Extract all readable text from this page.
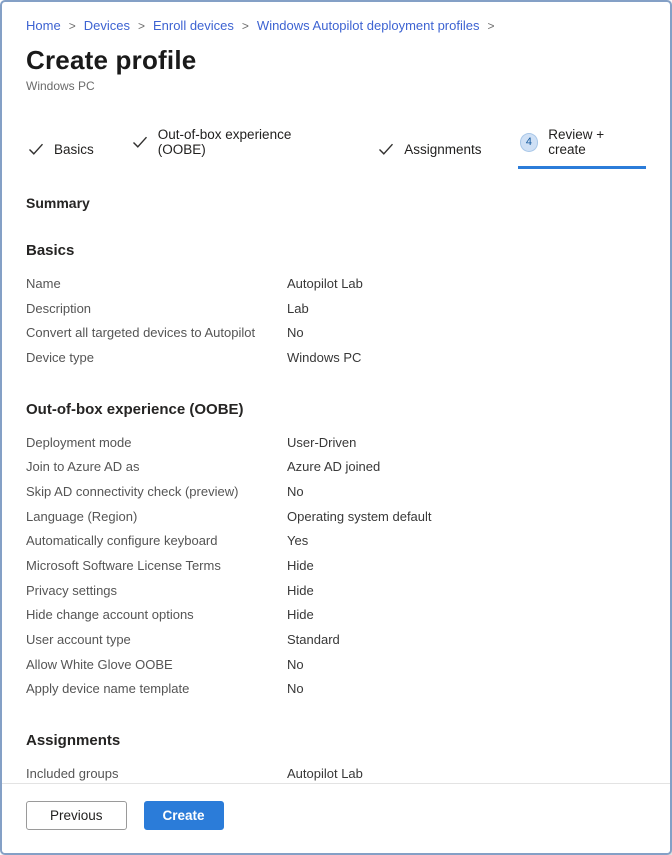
Home > Devices > Enroll devices > Windows Autopilot deployment profiles >
Create profile
Windows PC
Basics
Out-of-box experience (OOBE)	Assignments	4	Review + create
Summary
Basics
Name	Autopilot Lab
Description	Lab
Convert all targeted devices to Autopilot	No
Device type	Windows PC
Out-of-box experience (OOBE)
Deployment mode	User-Driven
Join to Azure AD as	Azure AD joined
Skip AD connectivity check (preview)	No
Language (Region)	Operating system default
Automatically configure keyboard	Yes
Microsoft Software License Terms	Hide
Privacy settings	Hide
Hide change account options	Hide
User account type	Standard
Allow White Glove OOBE	No
Apply device name template	No
Assignments
Included groups	Autopilot Lab
Previous	Create
